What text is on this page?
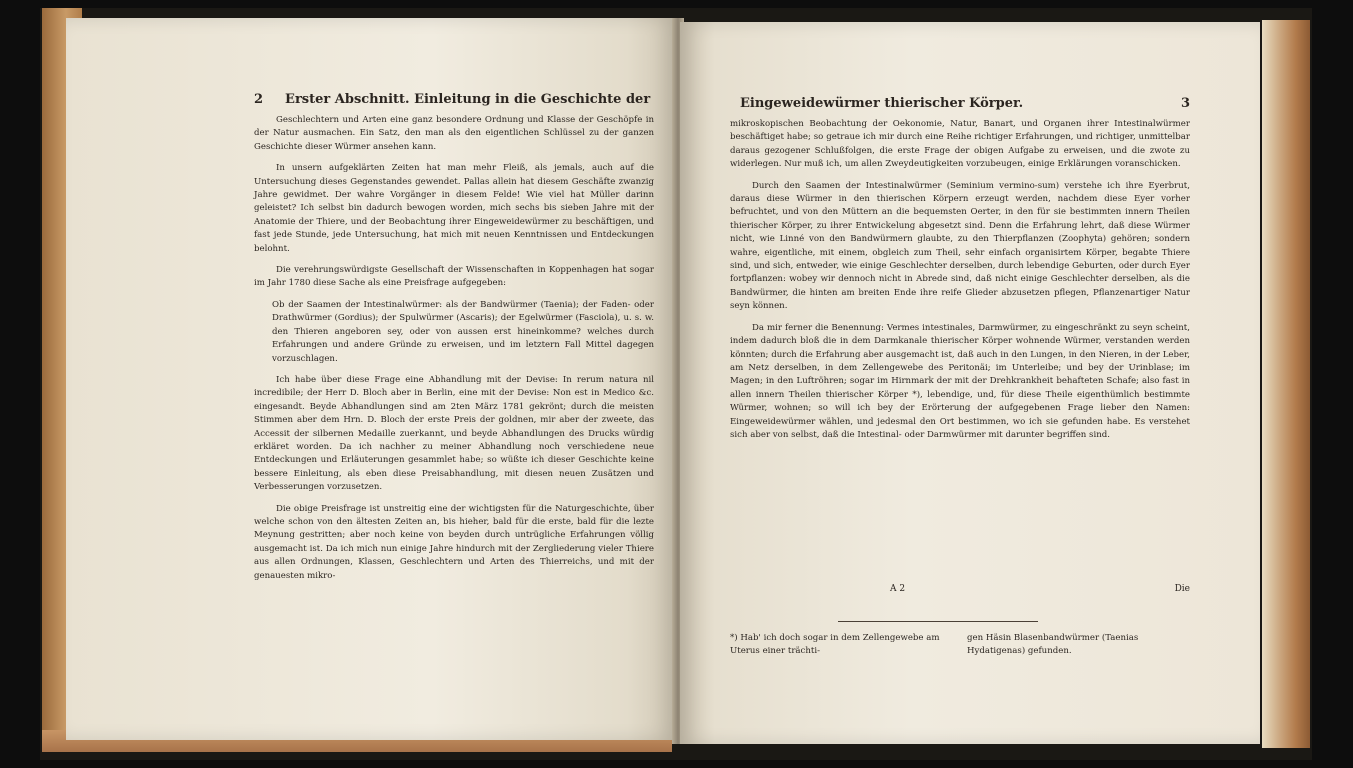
2 Erster Abschnitt. Einleitung in die Geschichte der

Geschlechtern und Arten eine ganz besondere Ordnung und Klasse der Geschöpfe in der Natur ausmachen. Ein Satz, den man als den eigentlichen Schlüssel zu der ganzen Geschichte dieser Würmer ansehen kann.

In unsern aufgeklärten Zeiten hat man mehr Fleiß, als jemals, auch auf die Untersuchung dieses Gegenstandes gewendet. Pallas allein hat diesem Geschäfte zwanzig Jahre gewidmet. Der wahre Vorgänger in diesem Felde! Wie viel hat Müller darinn geleistet? Ich selbst bin dadurch bewogen worden, mich sechs bis sieben Jahre mit der Anatomie der Thiere, und der Beobachtung ihrer Eingeweidewürmer zu beschäftigen, und fast jede Stunde, jede Untersuchung, hat mich mit neuen Kenntnissen und Entdeckungen belohnt.

Die verehrungswürdigste Gesellschaft der Wissenschaften in Koppenhagen hat sogar im Jahr 1780 diese Sache als eine Preisfrage aufgegeben:

Ob der Saamen der Intestinalwürmer: als der Bandwürmer (Taenia); der Faden- oder Drathwürmer (Gordius); der Spulwürmer (Ascaris); der Egelwürmer (Fasciola), u. s. w. den Thieren angeboren sey, oder von aussen erst hineinkomme? welches durch Erfahrungen und andere Gründe zu erweisen, und im letztern Fall Mittel dagegen vorzuschlagen.

Ich habe über diese Frage eine Abhandlung mit der Devise: In rerum natura nil incredibile; der Herr D. Bloch aber in Berlin, eine mit der Devise: Non est in Medico &c. eingesandt. Beyde Abhandlungen sind am 2ten März 1781 gekrönt; durch die meisten Stimmen aber dem Hrn. D. Bloch der erste Preis der goldnen, mir aber der zweete, das Accessit der silbernen Medaille zuerkannt, und beyde Abhandlungen des Drucks würdig erkläret worden. Da ich nachher zu meiner Abhandlung noch verschiedene neue Entdeckungen und Erläuterungen gesammlet habe; so wüßte ich dieser Geschichte keine bessere Einleitung, als eben diese Preisabhandlung, mit diesen neuen Zusätzen und Verbesserungen vorzusetzen.

Die obige Preisfrage ist unstreitig eine der wichtigsten für die Naturgeschichte, über welche schon von den ältesten Zeiten an, bis hieher, bald für die erste, bald für die lezte Meynung gestritten; aber noch keine von beyden durch untrügliche Erfahrungen völlig ausgemacht ist. Da ich mich nun einige Jahre hindurch mit der Zergliederung vieler Thiere aus allen Ordnungen, Klassen, Geschlechtern und Arten des Thierreichs, und mit der genauesten mikro-

Eingeweidewürmer thierischer Körper.	3

mikroskopischen Beobachtung der Oekonomie, Natur, Banart, und Organen ihrer Intestinalwürmer beschäftiget habe; so getraue ich mir durch eine Reihe richtiger Erfahrungen, und richtiger, unmittelbar daraus gezogener Schlußfolgen, die erste Frage der obigen Aufgabe zu erweisen, und die zwote zu widerlegen. Nur muß ich, um allen Zweydeutigkeiten vorzubeugen, einige Erklärungen voranschicken.

Durch den Saamen der Intestinalwürmer (Seminium vermino-sum) verstehe ich ihre Eyerbrut, daraus diese Würmer in den thierischen Körpern erzeugt werden, nachdem diese Eyer vorher befruchtet, und von den Müttern an die bequemsten Oerter, in den für sie bestimmten innern Theilen thierischer Körper, zu ihrer Entwickelung abgesetzt sind. Denn die Erfahrung lehrt, daß diese Würmer nicht, wie Linné von den Bandwürmern glaubte, zu den Thierpflanzen (Zoophyta) gehören; sondern wahre, eigentliche, mit einem, obgleich zum Theil, sehr einfach organisirtem Körper, begabte Thiere sind, und sich, entweder, wie einige Geschlechter derselben, durch lebendige Geburten, oder durch Eyer fortpflanzen: wobey wir dennoch nicht in Abrede sind, daß nicht einige Geschlechter derselben, als die Bandwürmer, die hinten am breiten Ende ihre reife Glieder abzusetzen pflegen, Pflanzenartiger Natur seyn können.

Da mir ferner die Benennung: Vermes intestinales, Darmwürmer, zu eingeschränkt zu seyn scheint, indem dadurch bloß die in dem Darmkanale thierischer Körper wohnende Würmer, verstanden werden könnten; durch die Erfahrung aber ausgemacht ist, daß auch in den Lungen, in den Nieren, in der Leber, am Netz derselben, in dem Zellengewebe des Peritonäi; im Unterleibe; und bey der Urinblase; im Magen; in den Luftröhren; sogar im Hirnmark der mit der Drehkrankheit behafteten Schafe; also fast in allen innern Theilen thierischer Körper *), lebendige, und, für diese Theile eigenthümlich bestimmte Würmer, wohnen; so will ich bey der Erörterung der aufgegebenen Frage lieber den Namen: Eingeweidewürmer wählen, und jedesmal den Ort bestimmen, wo ich sie gefunden habe. Es verstehet sich aber von selbst, daß die Intestinal- oder Darmwürmer mit darunter begriffen sind.

A 2	Die
*) Hab' ich doch sogar in dem Zellengewebe am Uterus einer trächti-
gen Häsin Blasenbandwürmer (Taenias Hydatigenas) gefunden.
